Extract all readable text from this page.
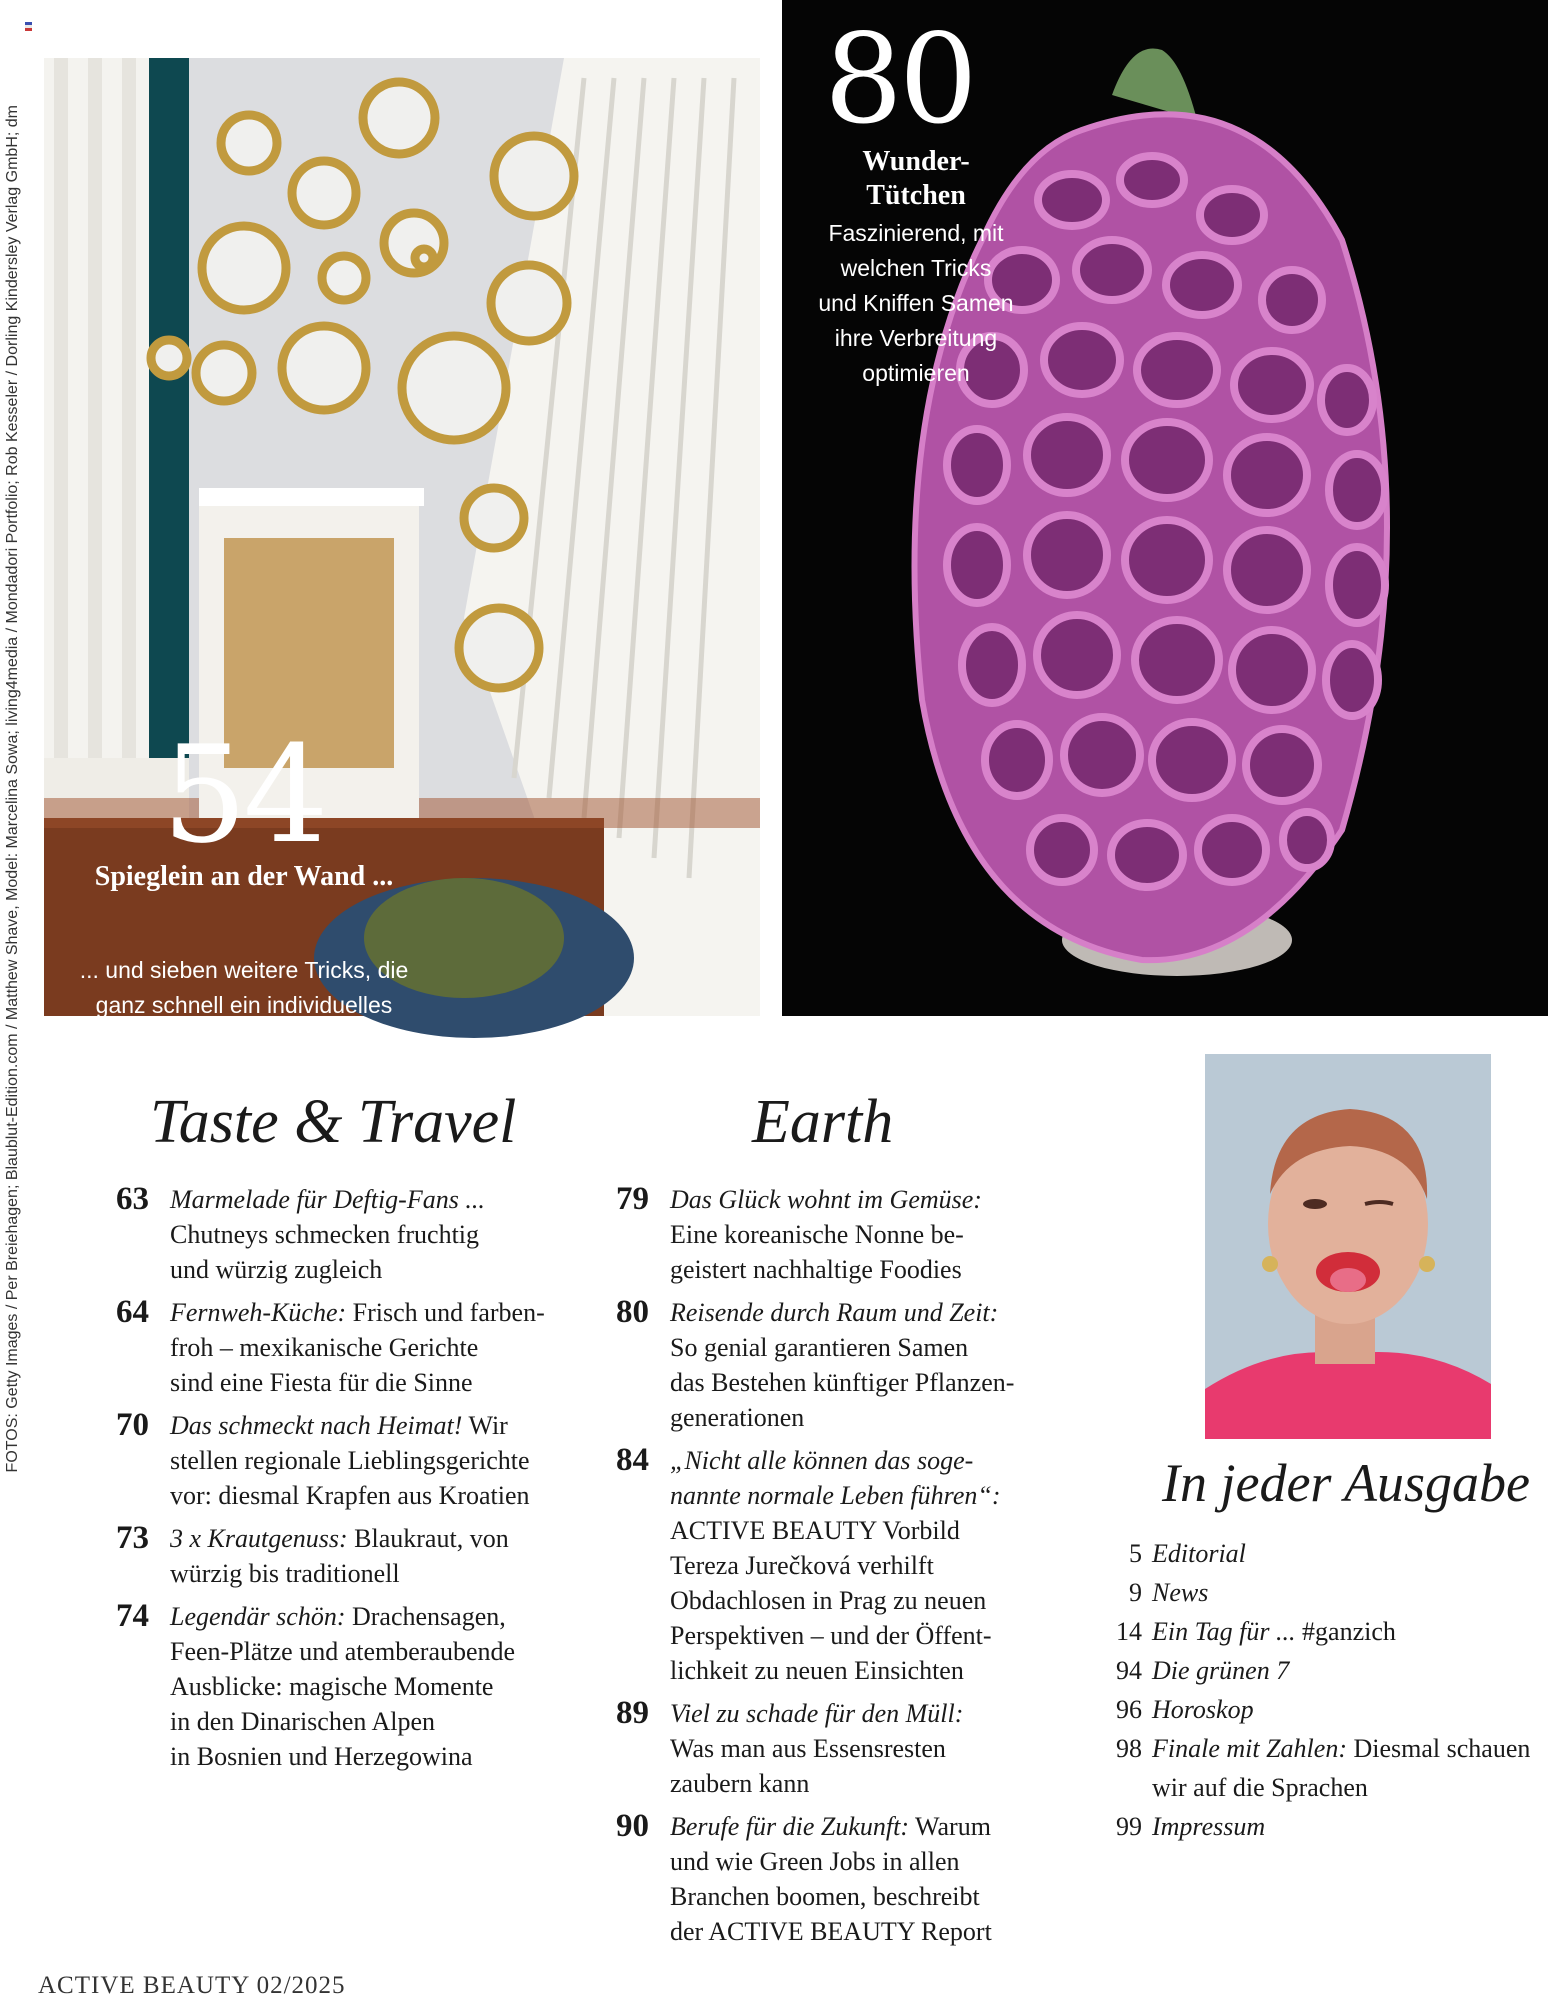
FOTOS: Getty Images / Per Breiehagen; Blaublut-Edition.com / Matthew Shave, Model: Marcelina Sowa; living4media / Mondadori Portfolio; Rob Kesseler / Dorling Kindersley Verlag GmbH; dm 54
Spieglein an der Wand ...
... und sieben weitere Tricks, die
ganz schnell ein individuelles
Wohngefühl zaubern
80
Wunder-
Tütchen
Faszinierend, mit
welchen Tricks
und Kniffen Samen
ihre Verbreitung
optimieren
Taste & Travel
63 Marmelade für Deftig-Fans ...
Chutneys schmecken fruchtig
und würzig zugleich
64 Fernweh-Küche: Frisch und farben-
froh – mexikanische Gerichte
sind eine Fiesta für die Sinne
70 Das schmeckt nach Heimat! Wir
stellen regionale Lieblingsgerichte
vor: diesmal Krapfen aus Kroatien
73 3 x Krautgenuss: Blaukraut, von
würzig bis traditionell
74 Legendär schön: Drachensagen,
Feen-Plätze und atemberaubende
Ausblicke: magische Momente
in den Dinarischen Alpen
in Bosnien und Herzegowina
Earth
79 Das Glück wohnt im Gemüse:
Eine koreanische Nonne be-
geistert nachhaltige Foodies
80 Reisende durch Raum und Zeit:
So genial garantieren Samen
das Bestehen künftiger Pflanzen-
generationen
84 „Nicht alle können das soge-
nannte normale Leben führen“:
ACTIVE BEAUTY Vorbild
Tereza Jurečková verhilft
Obdachlosen in Prag zu neuen
Perspektiven – und der Öffent-
lichkeit zu neuen Einsichten
89 Viel zu schade für den Müll:
Was man aus Essensresten
zaubern kann
90 Berufe für die Zukunft: Warum
und wie Green Jobs in allen
Branchen boomen, beschreibt
der ACTIVE BEAUTY Report
In jeder Ausgabe
5 Editorial
9 News
14 Ein Tag für ... #ganzich
94 Die grünen 7
96 Horoskop
98 Finale mit Zahlen: Diesmal schauen
wir auf die Sprachen
99 Impressum
ACTIVE BEAUTY 02/2025
